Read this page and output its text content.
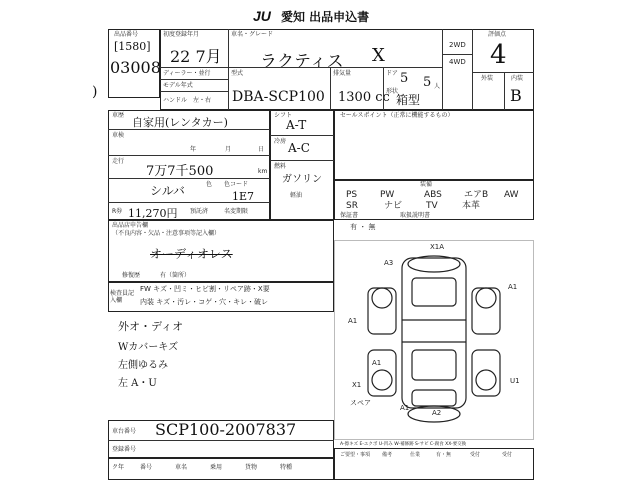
JU 愛知 出品申込書
出品番号
[1580]
03008
初度登録年月
22 7月
車名・グレード
ラクティス X
ディーラー・並行
モデル年式
ハンドル　左・右
型式
DBA-SCP100
排気量
1300 cc
ドア 5 5 人
形状
箱型
2WD
4WD
評価点
4
外装	内装
B
車歴
自家用(レンタカー)
車検
年	月	日
走行
7万7千500	km
色
シルバ	色コード
1E7
R券 11,270円 預託済	名変期限
シフト
A-T
冷房 A-C
燃料
ガソリン
軽油
セールスポイント（正常に機能するもの）
装備
PS	PW	ABS エアB AW
SR	ナビ	TV	本革
保証書	取扱説明書
有 ・ 無
出品店申告欄
（不良内容・欠品・注意事項等記入欄）
オーディオレス
修復歴	有（箇所）
検査員記入欄
FW キズ・凹ミ・ヒビ割・リペア跡・X要
内装 キズ・汚レ・コゲ・穴・キレ・破レ
外オ・ディオ
Wカバーキズ
左側ゆるみ
左 A・U
X1A
A3
A1
A1
A1
A2
U1
A1
X1
スペア
A-擦キズ E-エクボ U-凹み W-補修跡 S-サビ C-腐食 XX-要交換
車台番号 SCP100-2007837
登録番号
ク年	番号	車名	乗用	貨物	特種
ご要望・事項 備考	仕業	有・無	受付	受付
)
